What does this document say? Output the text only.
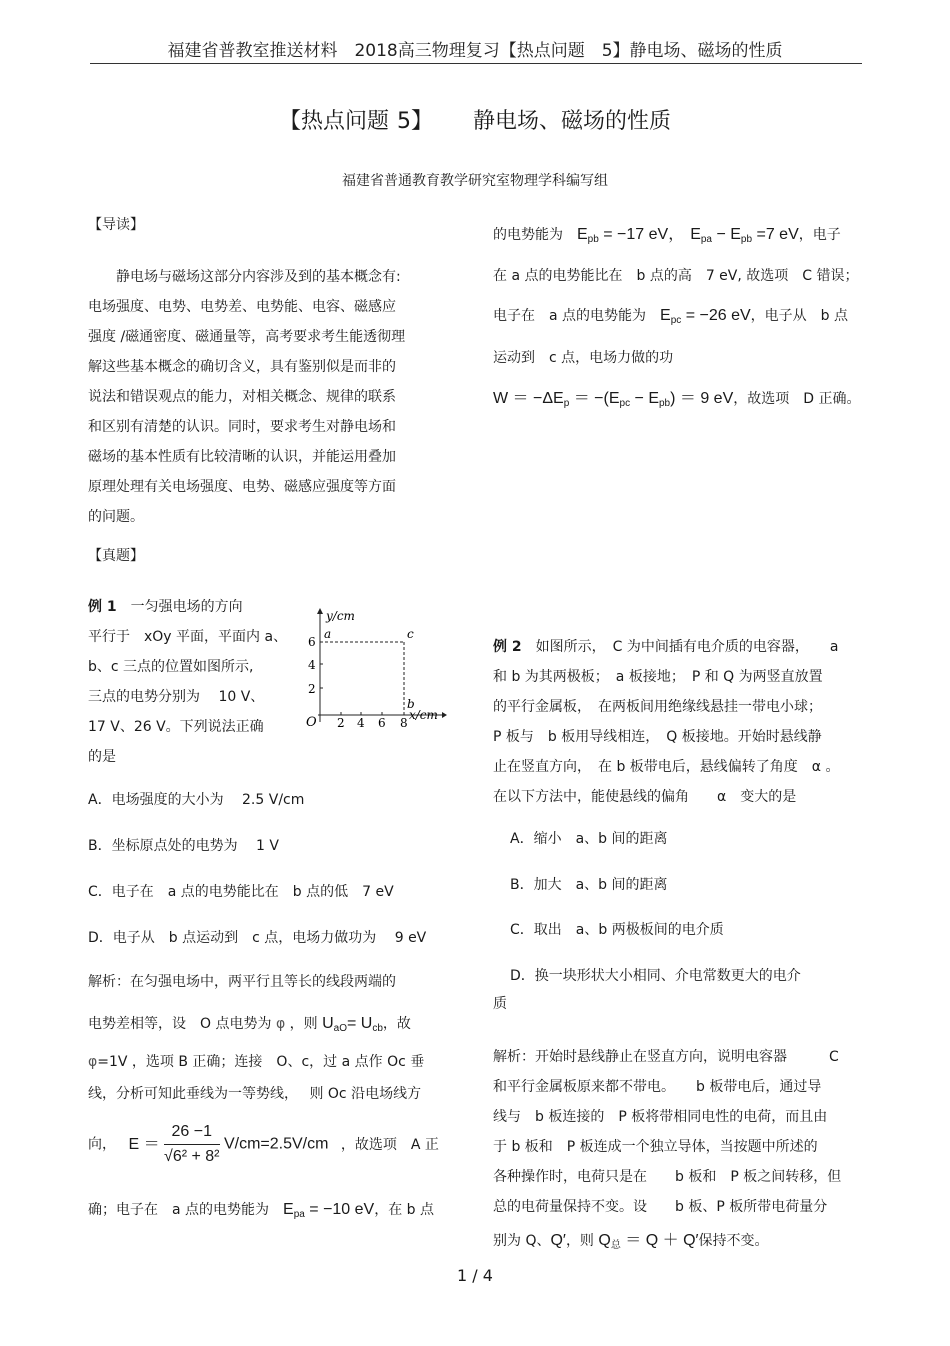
福建省普教室推送材料　2018高三物理复习【热点问题　5】静电场、磁场的性质
【热点问题 5】 静电场、磁场的性质
福建省普通教育教学研究室物理学科编写组
【导读】
　　静电场与磁场这部分内容涉及到的基本概念有:
电场强度、电势、电势差、电势能、电容、磁感应
强度 /磁通密度、磁通量等，高考要求考生能透彻理
解这些基本概念的确切含义，具有鉴别似是而非的
说法和错误观点的能力，对相关概念、规律的联系
和区别有清楚的认识。同时，要求考生对静电场和
磁场的基本性质有比较清晰的认识，并能运用叠加
原理处理有关电场强度、电势、磁感应强度等方面
的问题。
【真题】
例 1　 一匀强电场的方向
平行于　xOy 平面，平面内 a、
b、c 三点的位置如图所示,
三点的电势分别为　 10 V、
17 V、26 V。下列说法正确
的是
y/cm
x/cm
O
2
4
6
2 4 6 8
a
b
c
A．电场强度的大小为　 2.5 V/cm
B．坐标原点处的电势为　 1 V
C．电子在　a 点的电势能比在　b 点的低　7 eV
D．电子从　b 点运动到　c 点，电场力做功为　 9 eV
解析：在匀强电场中，两平行且等长的线段两端的
电势差相等，设　O 点电势为 φ ，则 $U_{aO}= U_{cb}$，故
φ=1V ，选项 B 正确；连接　O、c，过 a 点作 Oc 垂
线，分析可知此垂线为一等势线，　 则 Oc 沿电场线方
向， $E = \frac{26 -1}{\text{√6² + 8²}} V/cm=2.5V/cm$ ，故选项　A 正
确；电子在　a 点的电势能为　 $E_{pa} = -10$ eV，在 b 点
的电势能为　 $E_{pb} = -17$ eV，　 $E_{pa} - E_{pb} =7$ eV，电子
在 a 点的电势能比在　b 点的高　7 eV, 故选项　C 错误；
电子在　a 点的电势能为　 $E_{pc} = -26$ eV，电子从　b 点
运动到　c 点，电场力做的功
$W = -\Delta E_p = -(E_{pc} - E_{pb}) = 9$ eV，故选项　D 正确。
例 2　 如图所示，　C 为中间插有电介质的电容器，　　a
和 b 为其两极板；　a 板接地；　P 和 Q 为两竖直放置
的平行金属板，　在两板间用绝缘线悬挂一带电小球；
P 板与　b 板用导线相连，　Q 板接地。开始时悬线静
止在竖直方向，　在 b 板带电后，悬线偏转了角度　α 。
在以下方法中，能使悬线的偏角　　α　变大的是
A．缩小　a、b 间的距离
B．加大　a、b 间的距离
C．取出　a、b 两极板间的电介质
D．换一块形状大小相同、介电常数更大的电介
质
解析：开始时悬线静止在竖直方向，说明电容器　　　C
和平行金属板原来都不带电。　　b 板带电后，通过导
线与　b 板连接的　P 板将带相同电性的电荷，而且由
于 b 板和　P 板连成一个独立导体，当按题中所述的
各种操作时，电荷只是在　　b 板和　P 板之间转移，但
总的电荷量保持不变。设　　b 板、P 板所带电荷量分
别为 Q、Q′，则 $Q_总 = Q + Q'$保持不变。
1 / 4
